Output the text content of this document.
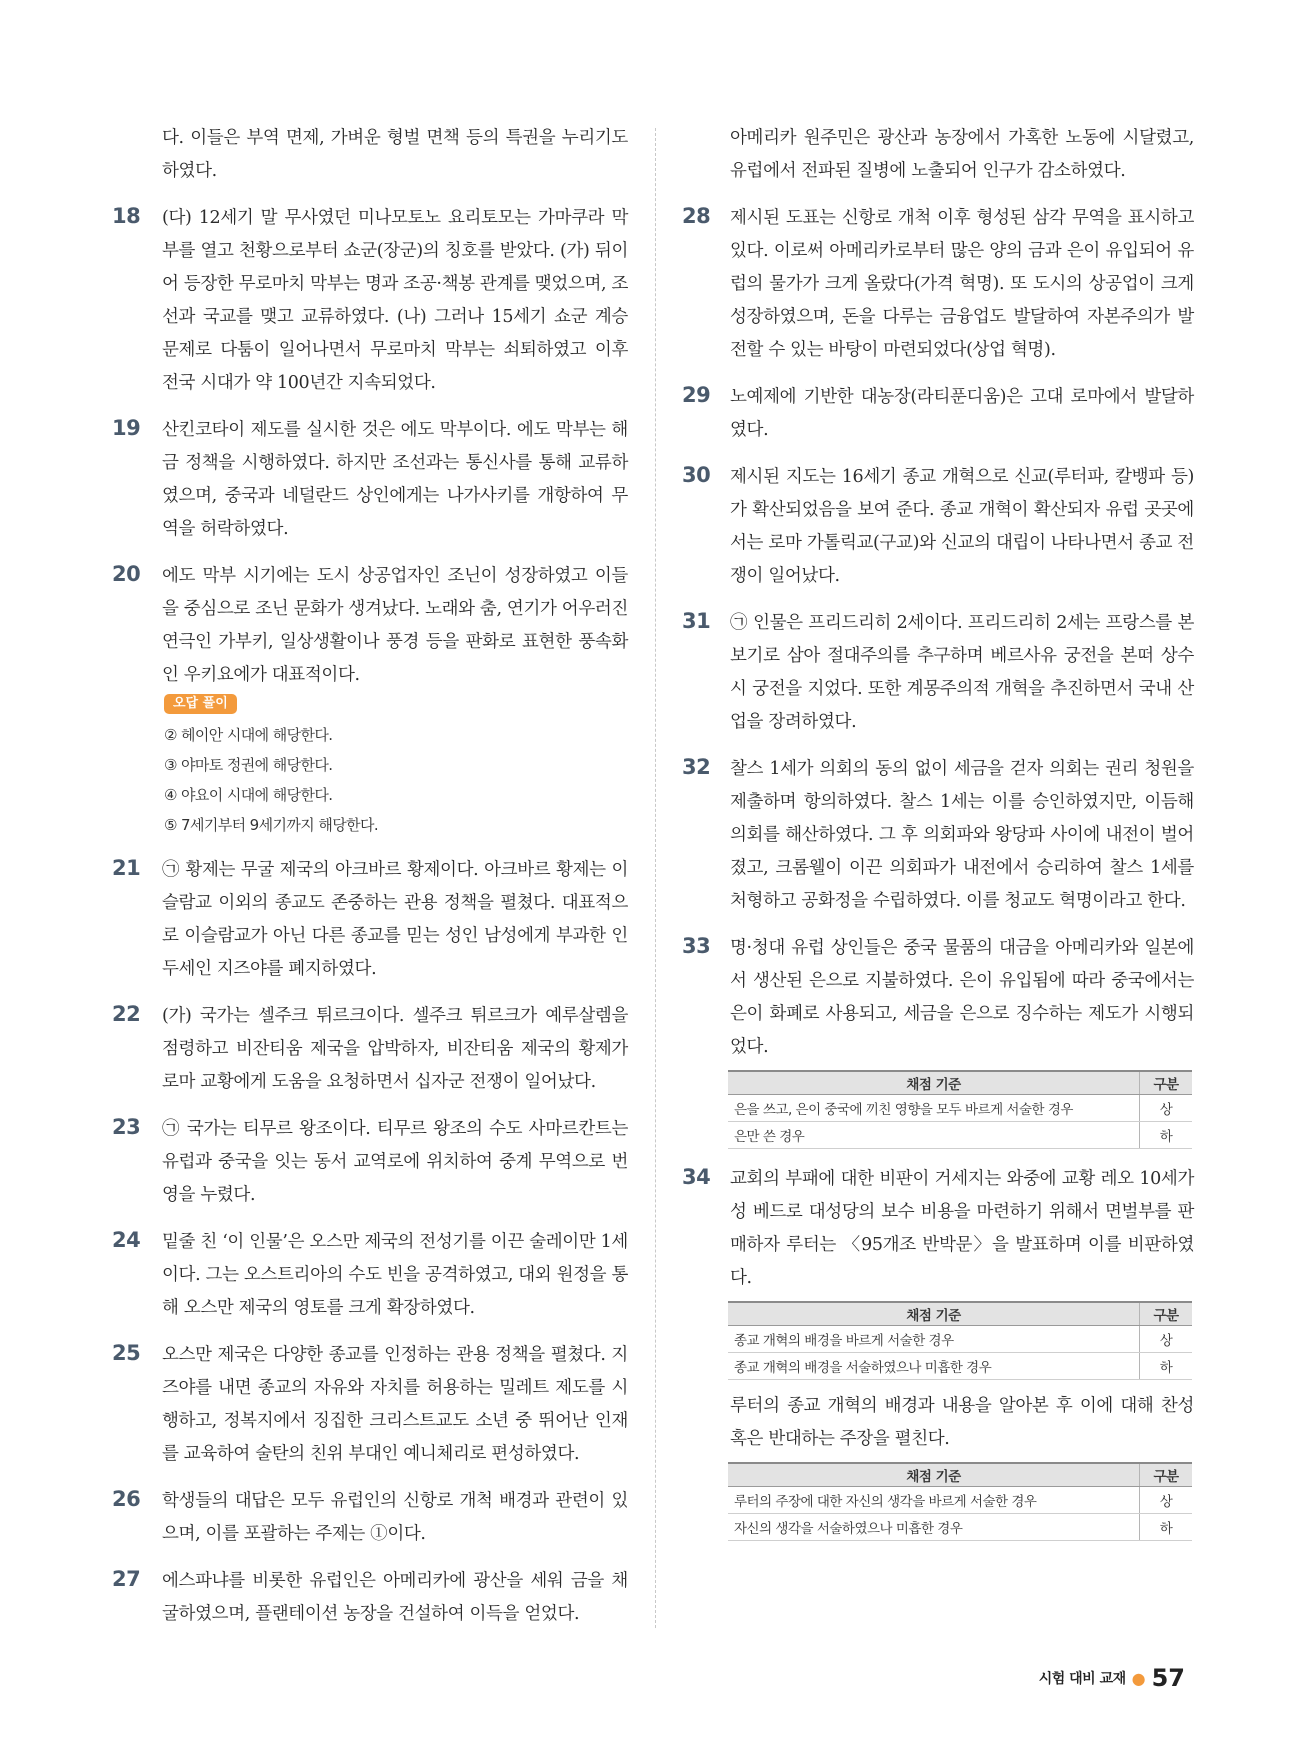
다. 이들은 부역 면제, 가벼운 형벌 면책 등의 특권을 누리기도 하였다.
18 (다) 12세기 말 무사였던 미나모토노 요리토모는 가마쿠라 막부를 열고 천황으로부터 쇼군(장군)의 칭호를 받았다. (가) 뒤이어 등장한 무로마치 막부는 명과 조공·책봉 관계를 맺었으며, 조선과 국교를 맺고 교류하였다. (나) 그러나 15세기 쇼군 계승 문제로 다툼이 일어나면서 무로마치 막부는 쇠퇴하였고 이후 전국 시대가 약 100년간 지속되었다.
19 산킨코타이 제도를 실시한 것은 에도 막부이다. 에도 막부는 해금 정책을 시행하였다. 하지만 조선과는 통신사를 통해 교류하였으며, 중국과 네덜란드 상인에게는 나가사키를 개항하여 무역을 허락하였다.
20 에도 막부 시기에는 도시 상공업자인 조닌이 성장하였고 이들을 중심으로 조닌 문화가 생겨났다. 노래와 춤, 연기가 어우러진 연극인 가부키, 일상생활이나 풍경 등을 판화로 표현한 풍속화인 우키요에가 대표적이다.
오답 풀이
② 헤이안 시대에 해당한다.
③ 야마토 정권에 해당한다.
④ 야요이 시대에 해당한다.
⑤ 7세기부터 9세기까지 해당한다.
21 ㉠ 황제는 무굴 제국의 아크바르 황제이다. 아크바르 황제는 이슬람교 이외의 종교도 존중하는 관용 정책을 펼쳤다. 대표적으로 이슬람교가 아닌 다른 종교를 믿는 성인 남성에게 부과한 인두세인 지즈야를 폐지하였다.
22 (가) 국가는 셀주크 튀르크이다. 셀주크 튀르크가 예루살렘을 점령하고 비잔티움 제국을 압박하자, 비잔티움 제국의 황제가 로마 교황에게 도움을 요청하면서 십자군 전쟁이 일어났다.
23 ㉠ 국가는 티무르 왕조이다. 티무르 왕조의 수도 사마르칸트는 유럽과 중국을 잇는 동서 교역로에 위치하여 중계 무역으로 번영을 누렸다.
24 밑줄 친 ‘이 인물’은 오스만 제국의 전성기를 이끈 술레이만 1세이다. 그는 오스트리아의 수도 빈을 공격하였고, 대외 원정을 통해 오스만 제국의 영토를 크게 확장하였다.
25 오스만 제국은 다양한 종교를 인정하는 관용 정책을 펼쳤다. 지즈야를 내면 종교의 자유와 자치를 허용하는 밀레트 제도를 시행하고, 정복지에서 징집한 크리스트교도 소년 중 뛰어난 인재를 교육하여 술탄의 친위 부대인 예니체리로 편성하였다.
26 학생들의 대답은 모두 유럽인의 신항로 개척 배경과 관련이 있으며, 이를 포괄하는 주제는 ①이다.
27 에스파냐를 비롯한 유럽인은 아메리카에 광산을 세워 금을 채굴하였으며, 플랜테이션 농장을 건설하여 이득을 얻었다.
아메리카 원주민은 광산과 농장에서 가혹한 노동에 시달렸고, 유럽에서 전파된 질병에 노출되어 인구가 감소하였다.
28 제시된 도표는 신항로 개척 이후 형성된 삼각 무역을 표시하고 있다. 이로써 아메리카로부터 많은 양의 금과 은이 유입되어 유럽의 물가가 크게 올랐다(가격 혁명). 또 도시의 상공업이 크게 성장하였으며, 돈을 다루는 금융업도 발달하여 자본주의가 발전할 수 있는 바탕이 마련되었다(상업 혁명).
29 노예제에 기반한 대농장(라티푼디움)은 고대 로마에서 발달하였다.
30 제시된 지도는 16세기 종교 개혁으로 신교(루터파, 칼뱅파 등)가 확산되었음을 보여 준다. 종교 개혁이 확산되자 유럽 곳곳에서는 로마 가톨릭교(구교)와 신교의 대립이 나타나면서 종교 전쟁이 일어났다.
31 ㉠ 인물은 프리드리히 2세이다. 프리드리히 2세는 프랑스를 본보기로 삼아 절대주의를 추구하며 베르사유 궁전을 본떠 상수시 궁전을 지었다. 또한 계몽주의적 개혁을 추진하면서 국내 산업을 장려하였다.
32 찰스 1세가 의회의 동의 없이 세금을 걷자 의회는 권리 청원을 제출하며 항의하였다. 찰스 1세는 이를 승인하였지만, 이듬해 의회를 해산하였다. 그 후 의회파와 왕당파 사이에 내전이 벌어졌고, 크롬웰이 이끈 의회파가 내전에서 승리하여 찰스 1세를 처형하고 공화정을 수립하였다. 이를 청교도 혁명이라고 한다.
33 명·청대 유럽 상인들은 중국 물품의 대금을 아메리카와 일본에서 생산된 은으로 지불하였다. 은이 유입됨에 따라 중국에서는 은이 화폐로 사용되고, 세금을 은으로 징수하는 제도가 시행되었다.
채점 기준	구분
은을 쓰고, 은이 중국에 끼친 영향을 모두 바르게 서술한 경우	상
은만 쓴 경우	하
34 교회의 부패에 대한 비판이 거세지는 와중에 교황 레오 10세가 성 베드로 대성당의 보수 비용을 마련하기 위해서 면벌부를 판매하자 루터는 〈95개조 반박문〉을 발표하며 이를 비판하였다.
채점 기준	구분
종교 개혁의 배경을 바르게 서술한 경우	상
종교 개혁의 배경을 서술하였으나 미흡한 경우	하
루터의 종교 개혁의 배경과 내용을 알아본 후 이에 대해 찬성 혹은 반대하는 주장을 펼친다.
채점 기준	구분
루터의 주장에 대한 자신의 생각을 바르게 서술한 경우	상
자신의 생각을 서술하였으나 미흡한 경우	하
시험 대비 교재 ● 57
